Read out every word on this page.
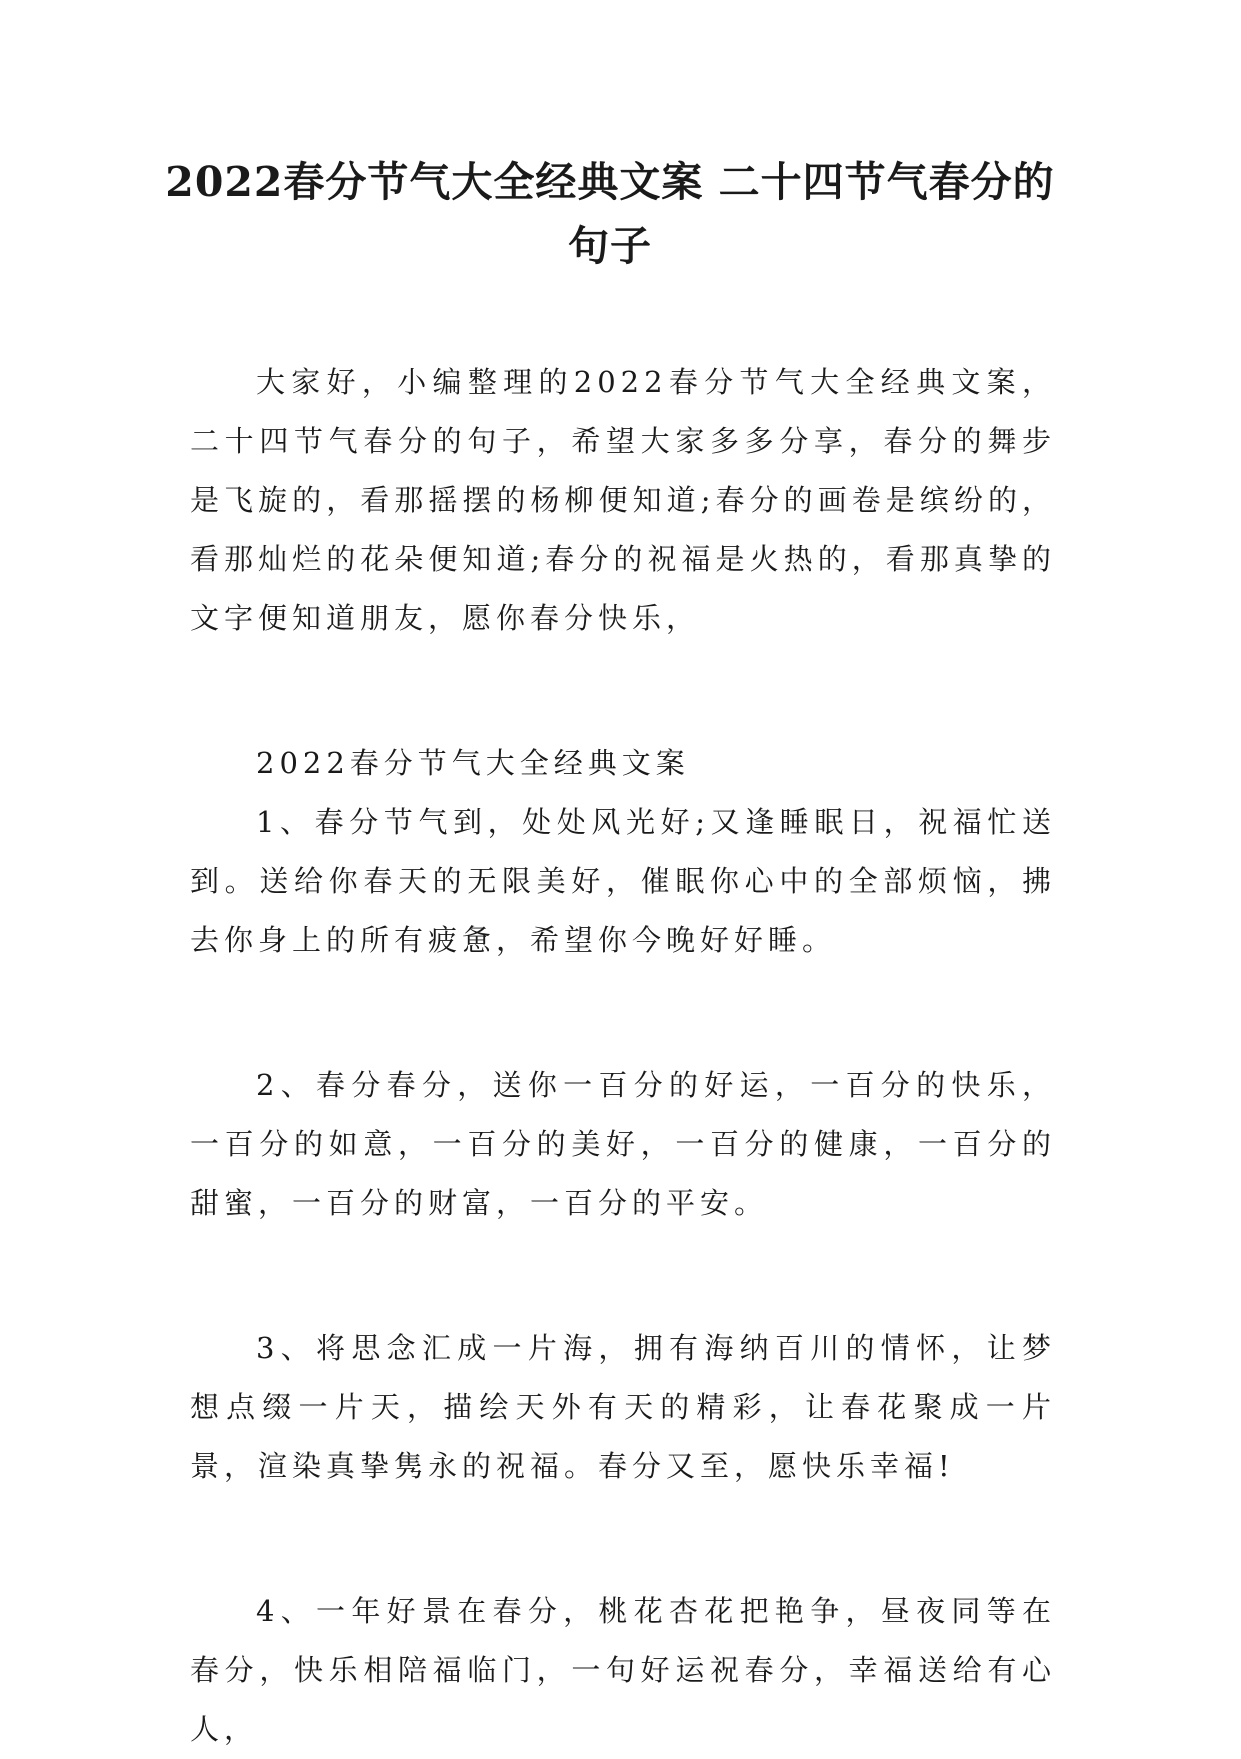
2022春分节气大全经典文案 二十四节气春分的句子

大家好，小编整理的2022春分节气大全经典文案，二十四节气春分的句子，希望大家多多分享，春分的舞步是飞旋的，看那摇摆的杨柳便知道;春分的画卷是缤纷的，看那灿烂的花朵便知道;春分的祝福是火热的，看那真挚的文字便知道朋友，愿你春分快乐，

2022春分节气大全经典文案

1、春分节气到，处处风光好;又逢睡眠日，祝福忙送到。送给你春天的无限美好，催眠你心中的全部烦恼，拂去你身上的所有疲惫，希望你今晚好好睡。

2、春分春分，送你一百分的好运，一百分的快乐，一百分的如意，一百分的美好，一百分的健康，一百分的甜蜜，一百分的财富，一百分的平安。

3、将思念汇成一片海，拥有海纳百川的情怀，让梦想点缀一片天，描绘天外有天的精彩，让春花聚成一片景，渲染真挚隽永的祝福。春分又至，愿快乐幸福!

4、一年好景在春分，桃花杏花把艳争，昼夜同等在春分，快乐相陪福临门，一句好运祝春分，幸福送给有心人，
